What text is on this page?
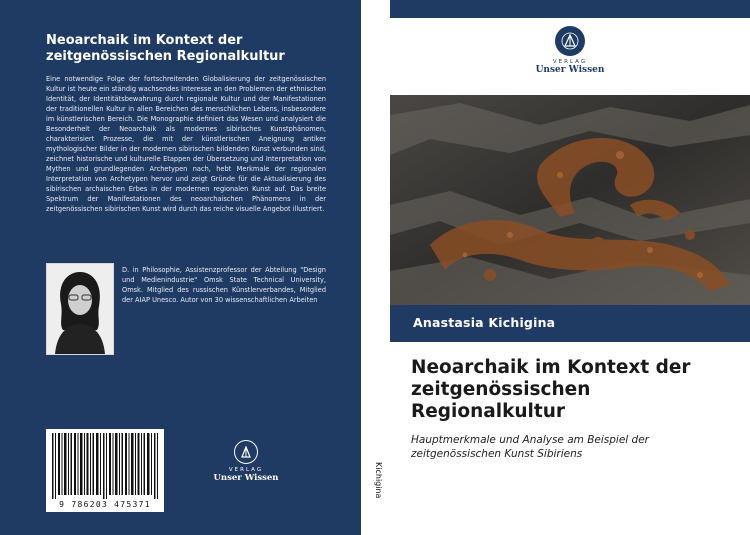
Neoarchaik im Kontext der zeitgenössischen Regionalkultur
Eine notwendige Folge der fortschreitenden Globalisierung der zeitgenössischen Kultur ist heute ein ständig wachsendes Interesse an den Problemen der ethnischen Identität, der Identitätsbewahrung durch regionale Kultur und der Manifestationen der traditionellen Kultur in allen Bereichen des menschlichen Lebens, insbesondere im künstlerischen Bereich. Die Monographie definiert das Wesen und analysiert die Besonderheit der Neoarchaik als modernes sibirisches Kunstphänomen, charakterisiert Prozesse, die mit der künstlerischen Aneignung antiker mythologischer Bilder in der modernen sibirischen bildenden Kunst verbunden sind, zeichnet historische und kulturelle Etappen der Übersetzung und Interpretation von Mythen und grundlegenden Archetypen nach, hebt Merkmale der regionalen Interpretation von Archetypen hervor und zeigt Gründe für die Aktualisierung des sibirischen archaischen Erbes in der modernen regionalen Kunst auf. Das breite Spektrum der Manifestationen des neoarchaischen Phänomens in der zeitgenössischen sibirischen Kunst wird durch das reiche visuelle Angebot illustriert.
D. in Philosophie, Assistenzprofessor der Abteilung "Design und Medienindustrie" Omsk State Technical University, Omsk. Mitglied des russischen Künstlerverbandes, Mitglied der AIAP Unesco. Autor von 30 wissenschaftlichen Arbeiten
9 786203 475371
VERLAG
Unser Wissen	Kichigina
VERLAG
Unser Wissen
Anastasia Kichigina
Neoarchaik im Kontext der zeitgenössischen Regionalkultur
Hauptmerkmale und Analyse am Beispiel der zeitgenössischen Kunst Sibiriens
